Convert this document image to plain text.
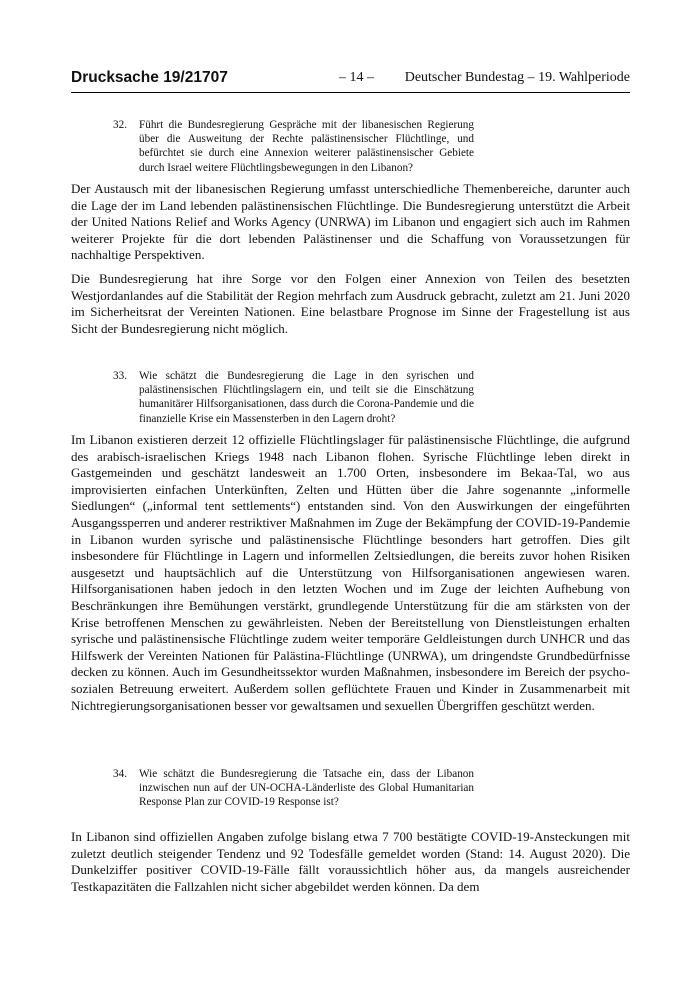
Drucksache 19/21707	– 14 – Deutscher Bundestag – 19. Wahlperiode
32. Führt die Bundesregierung Gespräche mit der libanesischen Regierung über die Ausweitung der Rechte palästinensischer Flüchtlinge, und befürchtet sie durch eine Annexion weiterer palästinensischer Gebiete durch Israel weitere Flüchtlingsbewegungen in den Libanon?

Der Austausch mit der libanesischen Regierung umfasst unterschiedliche Themenbereiche, darunter auch die Lage der im Land lebenden palästinensischen Flüchtlinge. Die Bundesregierung unterstützt die Arbeit der United Nations Relief and Works Agency (UNRWA) im Libanon und engagiert sich auch im Rahmen weiterer Projekte für die dort lebenden Palästinenser und die Schaffung von Voraussetzungen für nachhaltige Perspektiven.

Die Bundesregierung hat ihre Sorge vor den Folgen einer Annexion von Teilen des besetzten Westjordanlandes auf die Stabilität der Region mehrfach zum Ausdruck gebracht, zuletzt am 21. Juni 2020 im Sicherheitsrat der Vereinten Nationen. Eine belastbare Prognose im Sinne der Fragestellung ist aus Sicht der Bundesregierung nicht möglich.

33. Wie schätzt die Bundesregierung die Lage in den syrischen und palästinensischen Flüchtlingslagern ein, und teilt sie die Einschätzung humanitärer Hilfsorganisationen, dass durch die Corona-Pandemie und die finanzielle Krise ein Massensterben in den Lagern droht?

Im Libanon existieren derzeit 12 offizielle Flüchtlingslager für palästinensische Flüchtlinge, die aufgrund des arabisch-israelischen Kriegs 1948 nach Libanon flohen. Syrische Flüchtlinge leben direkt in Gastgemeinden und geschätzt landesweit an 1.700 Orten, insbesondere im Bekaa-Tal, wo aus improvisierten einfachen Unterkünften, Zelten und Hütten über die Jahre sogenannte „informelle Siedlungen“ („informal tent settlements“) entstanden sind. Von den Auswirkungen der eingeführten Ausgangssperren und anderer restriktiver Maßnahmen im Zuge der Bekämpfung der COVID-19-Pandemie in Libanon wurden syrische und palästinensische Flüchtlinge besonders hart getroffen. Dies gilt insbesondere für Flüchtlinge in Lagern und informellen Zeltsiedlungen, die bereits zuvor hohen Risiken ausgesetzt und hauptsächlich auf die Unterstützung von Hilfsorganisationen angewiesen waren. Hilfsorganisationen haben jedoch in den letzten Wochen und im Zuge der leichten Aufhebung von Beschränkungen ihre Bemühungen verstärkt, grundlegende Unterstützung für die am stärksten von der Krise betroffenen Menschen zu gewährleisten. Neben der Bereitstellung von Dienstleistungen erhalten syrische und palästinensische Flüchtlinge zudem weiter temporäre Geldleistungen durch UNHCR und das Hilfswerk der Vereinten Nationen für Palästina-Flüchtlinge (UNRWA), um dringendste Grundbedürfnisse decken zu können. Auch im Gesundheitssektor wurden Maßnahmen, insbesondere im Bereich der psycho-sozialen Betreuung erweitert. Außerdem sollen geflüchtete Frauen und Kinder in Zusammenarbeit mit Nichtregierungsorganisationen besser vor gewaltsamen und sexuellen Übergriffen geschützt werden.

34. Wie schätzt die Bundesregierung die Tatsache ein, dass der Libanon inzwischen nun auf der UN-OCHA-Länderliste des Global Humanitarian Response Plan zur COVID-19 Response ist?

In Libanon sind offiziellen Angaben zufolge bislang etwa 7 700 bestätigte COVID-19-Ansteckungen mit zuletzt deutlich steigender Tendenz und 92 Todesfälle gemeldet worden (Stand: 14. August 2020). Die Dunkelziffer positiver COVID-19-Fälle fällt voraussichtlich höher aus, da mangels ausreichender Testkapazitäten die Fallzahlen nicht sicher abgebildet werden können. Da dem
